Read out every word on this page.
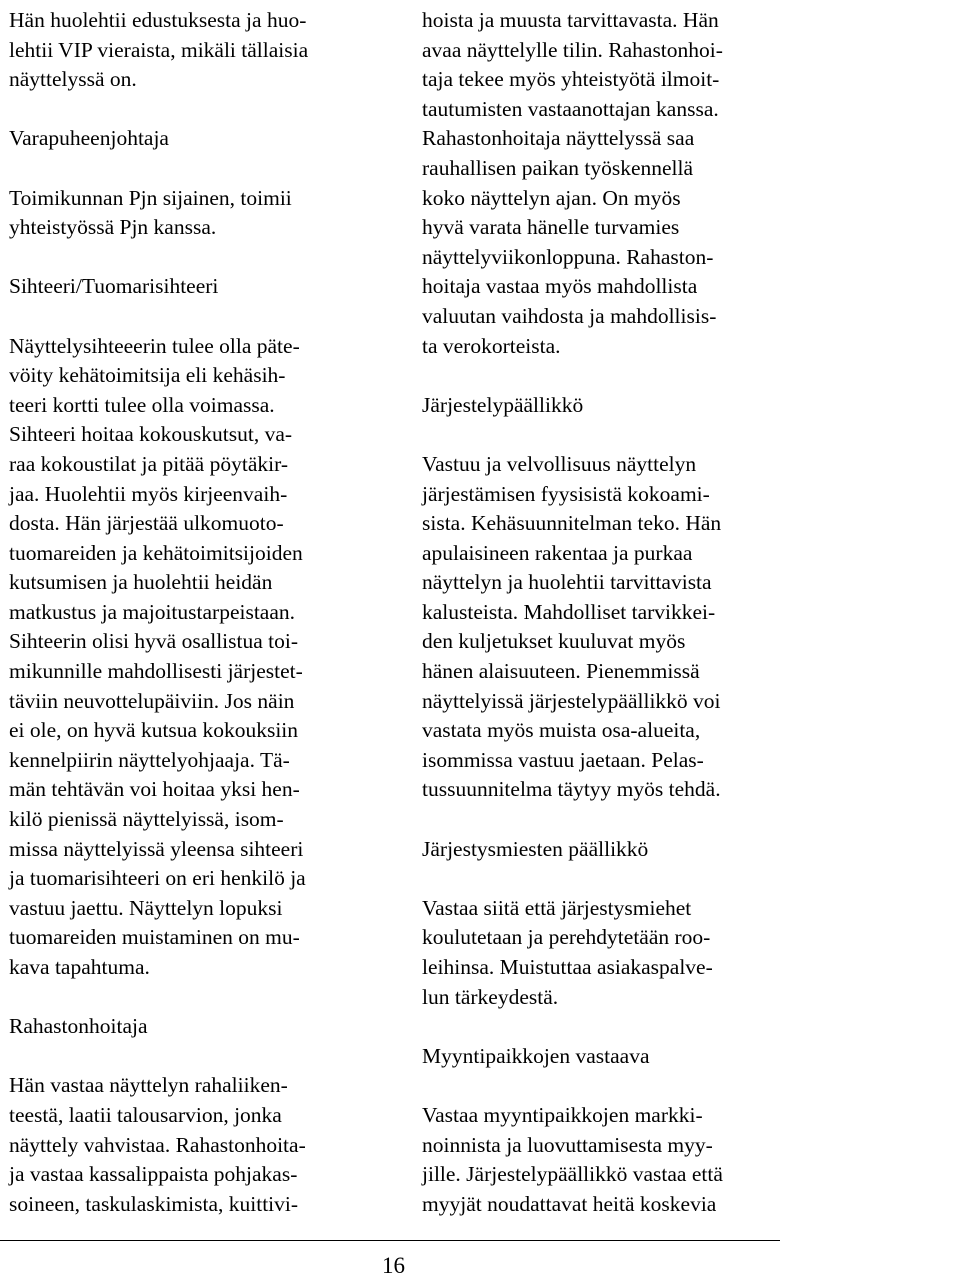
Hän huolehtii edustuksesta ja huo-
lehtii VIP vieraista, mikäli tällaisia
näyttelyssä on.

Varapuheenjohtaja

Toimikunnan Pjn sijainen, toimii
yhteistyössä Pjn kanssa.

Sihteeri/Tuomarisihteeri

Näyttelysihteeerin tulee olla päte-
vöity kehätoimitsija eli kehäsih-
teeri kortti tulee olla voimassa.
Sihteeri hoitaa kokouskutsut, va-
raa kokoustilat ja pitää pöytäkir-
jaa. Huolehtii myös kirjeenvaih-
dosta. Hän järjestää ulkomuoto-
tuomareiden ja kehätoimitsijoiden
kutsumisen ja huolehtii heidän
matkustus ja majoitustarpeistaan.
Sihteerin olisi hyvä osallistua toi-
mikunnille mahdollisesti järjestet-
täviin neuvottelupäiviin. Jos näin
ei ole, on hyvä kutsua kokouksiin
kennelpiirin näyttelyohjaaja. Tä-
män tehtävän voi hoitaa yksi hen-
kilö pienissä näyttelyissä, isom-
missa näyttelyissä yleensa sihteeri
ja tuomarisihteeri on eri henkilö ja
vastuu jaettu. Näyttelyn lopuksi
tuomareiden muistaminen on mu-
kava tapahtuma.

Rahastonhoitaja

Hän vastaa näyttelyn rahaliiken-
teestä, laatii talousarvion, jonka
näyttely vahvistaa. Rahastonhoita-
ja vastaa kassalippaista pohjakas-
soineen, taskulaskimista, kuittivi-
hoista ja muusta tarvittavasta. Hän
avaa näyttelylle tilin. Rahastonhoi-
taja tekee myös yhteistyötä ilmoit-
tautumisten vastaanottajan kanssa.
Rahastonhoitaja näyttelyssä saa
rauhallisen paikan työskennellä
koko näyttelyn ajan. On myös
hyvä varata hänelle turvamies
näyttelyviikonloppuna. Rahaston-
hoitaja vastaa myös mahdollista
valuutan vaihdosta ja mahdollisis-
ta verokorteista.

Järjestelypäällikkö

Vastuu ja velvollisuus näyttelyn
järjestämisen fyysisistä kokoami-
sista. Kehäsuunnitelman teko. Hän
apulaisineen rakentaa ja purkaa
näyttelyn ja huolehtii tarvittavista
kalusteista. Mahdolliset tarvikkei-
den kuljetukset kuuluvat myös
hänen alaisuuteen. Pienemmissä
näyttelyissä järjestelypäällikkö voi
vastata myös muista osa-alueita,
isommissa vastuu jaetaan. Pelas-
tussuunnitelma täytyy myös tehdä.

Järjestysmiesten päällikkö

Vastaa siitä että järjestysmiehet
koulutetaan ja perehdytetään roo-
leihinsa. Muistuttaa asiakaspalve-
lun tärkeydestä.

Myyntipaikkojen vastaava

Vastaa myyntipaikkojen markki-
noinnista ja luovuttamisesta myy-
jille. Järjestelypäällikkö vastaa että
myyjät noudattavat heitä koskevia
16
